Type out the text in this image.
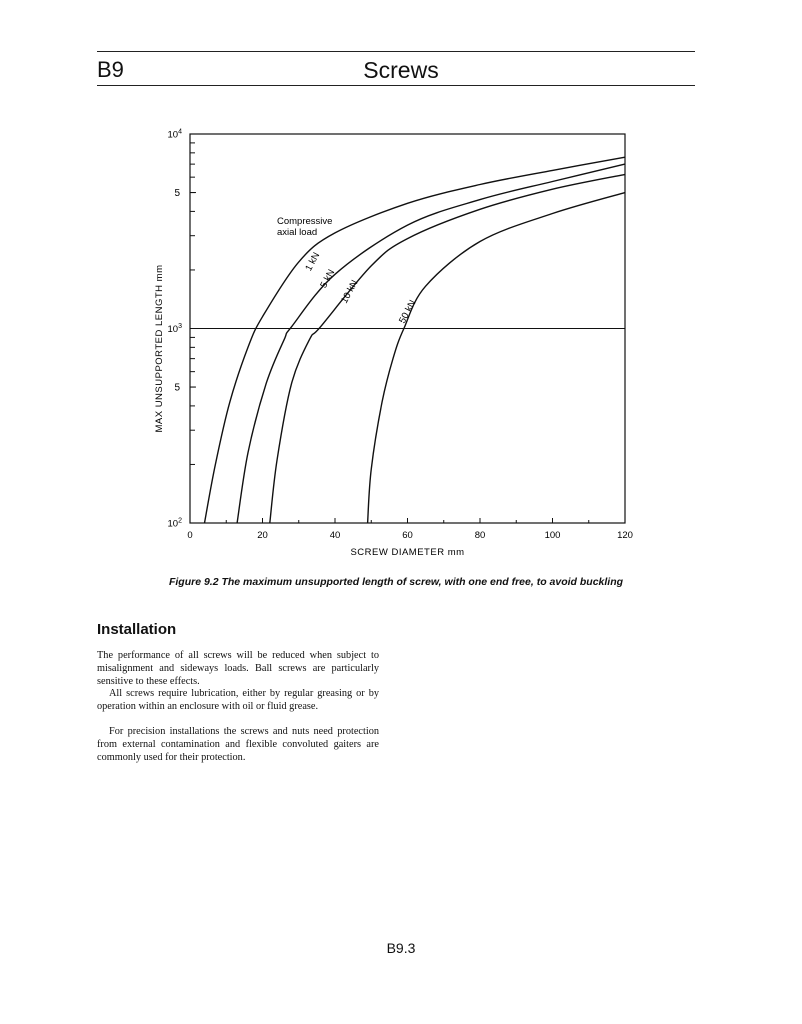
B9	Screws
$10^2$
5
$10^3$
5
$10^4$
0	20	40	60	80	100	120
SCREW DIAMETER mm
MAX UNSUPPORTED LENGTH mm
Compressive
axial load
1 kN
5 kN 10 kN
50 kN
Figure 9.2 The maximum unsupported length of screw, with one end free, to avoid buckling
Installation

The performance of all screws will be reduced when subject to misalignment and sideways loads. Ball screws are particularly sensitive to these effects.

All screws require lubrication, either by regular greasing or by operation within an enclosure with oil or fluid grease.

For precision installations the screws and nuts need protection from external contamination and flexible convoluted gaiters are commonly used for their protection.

B9.3
